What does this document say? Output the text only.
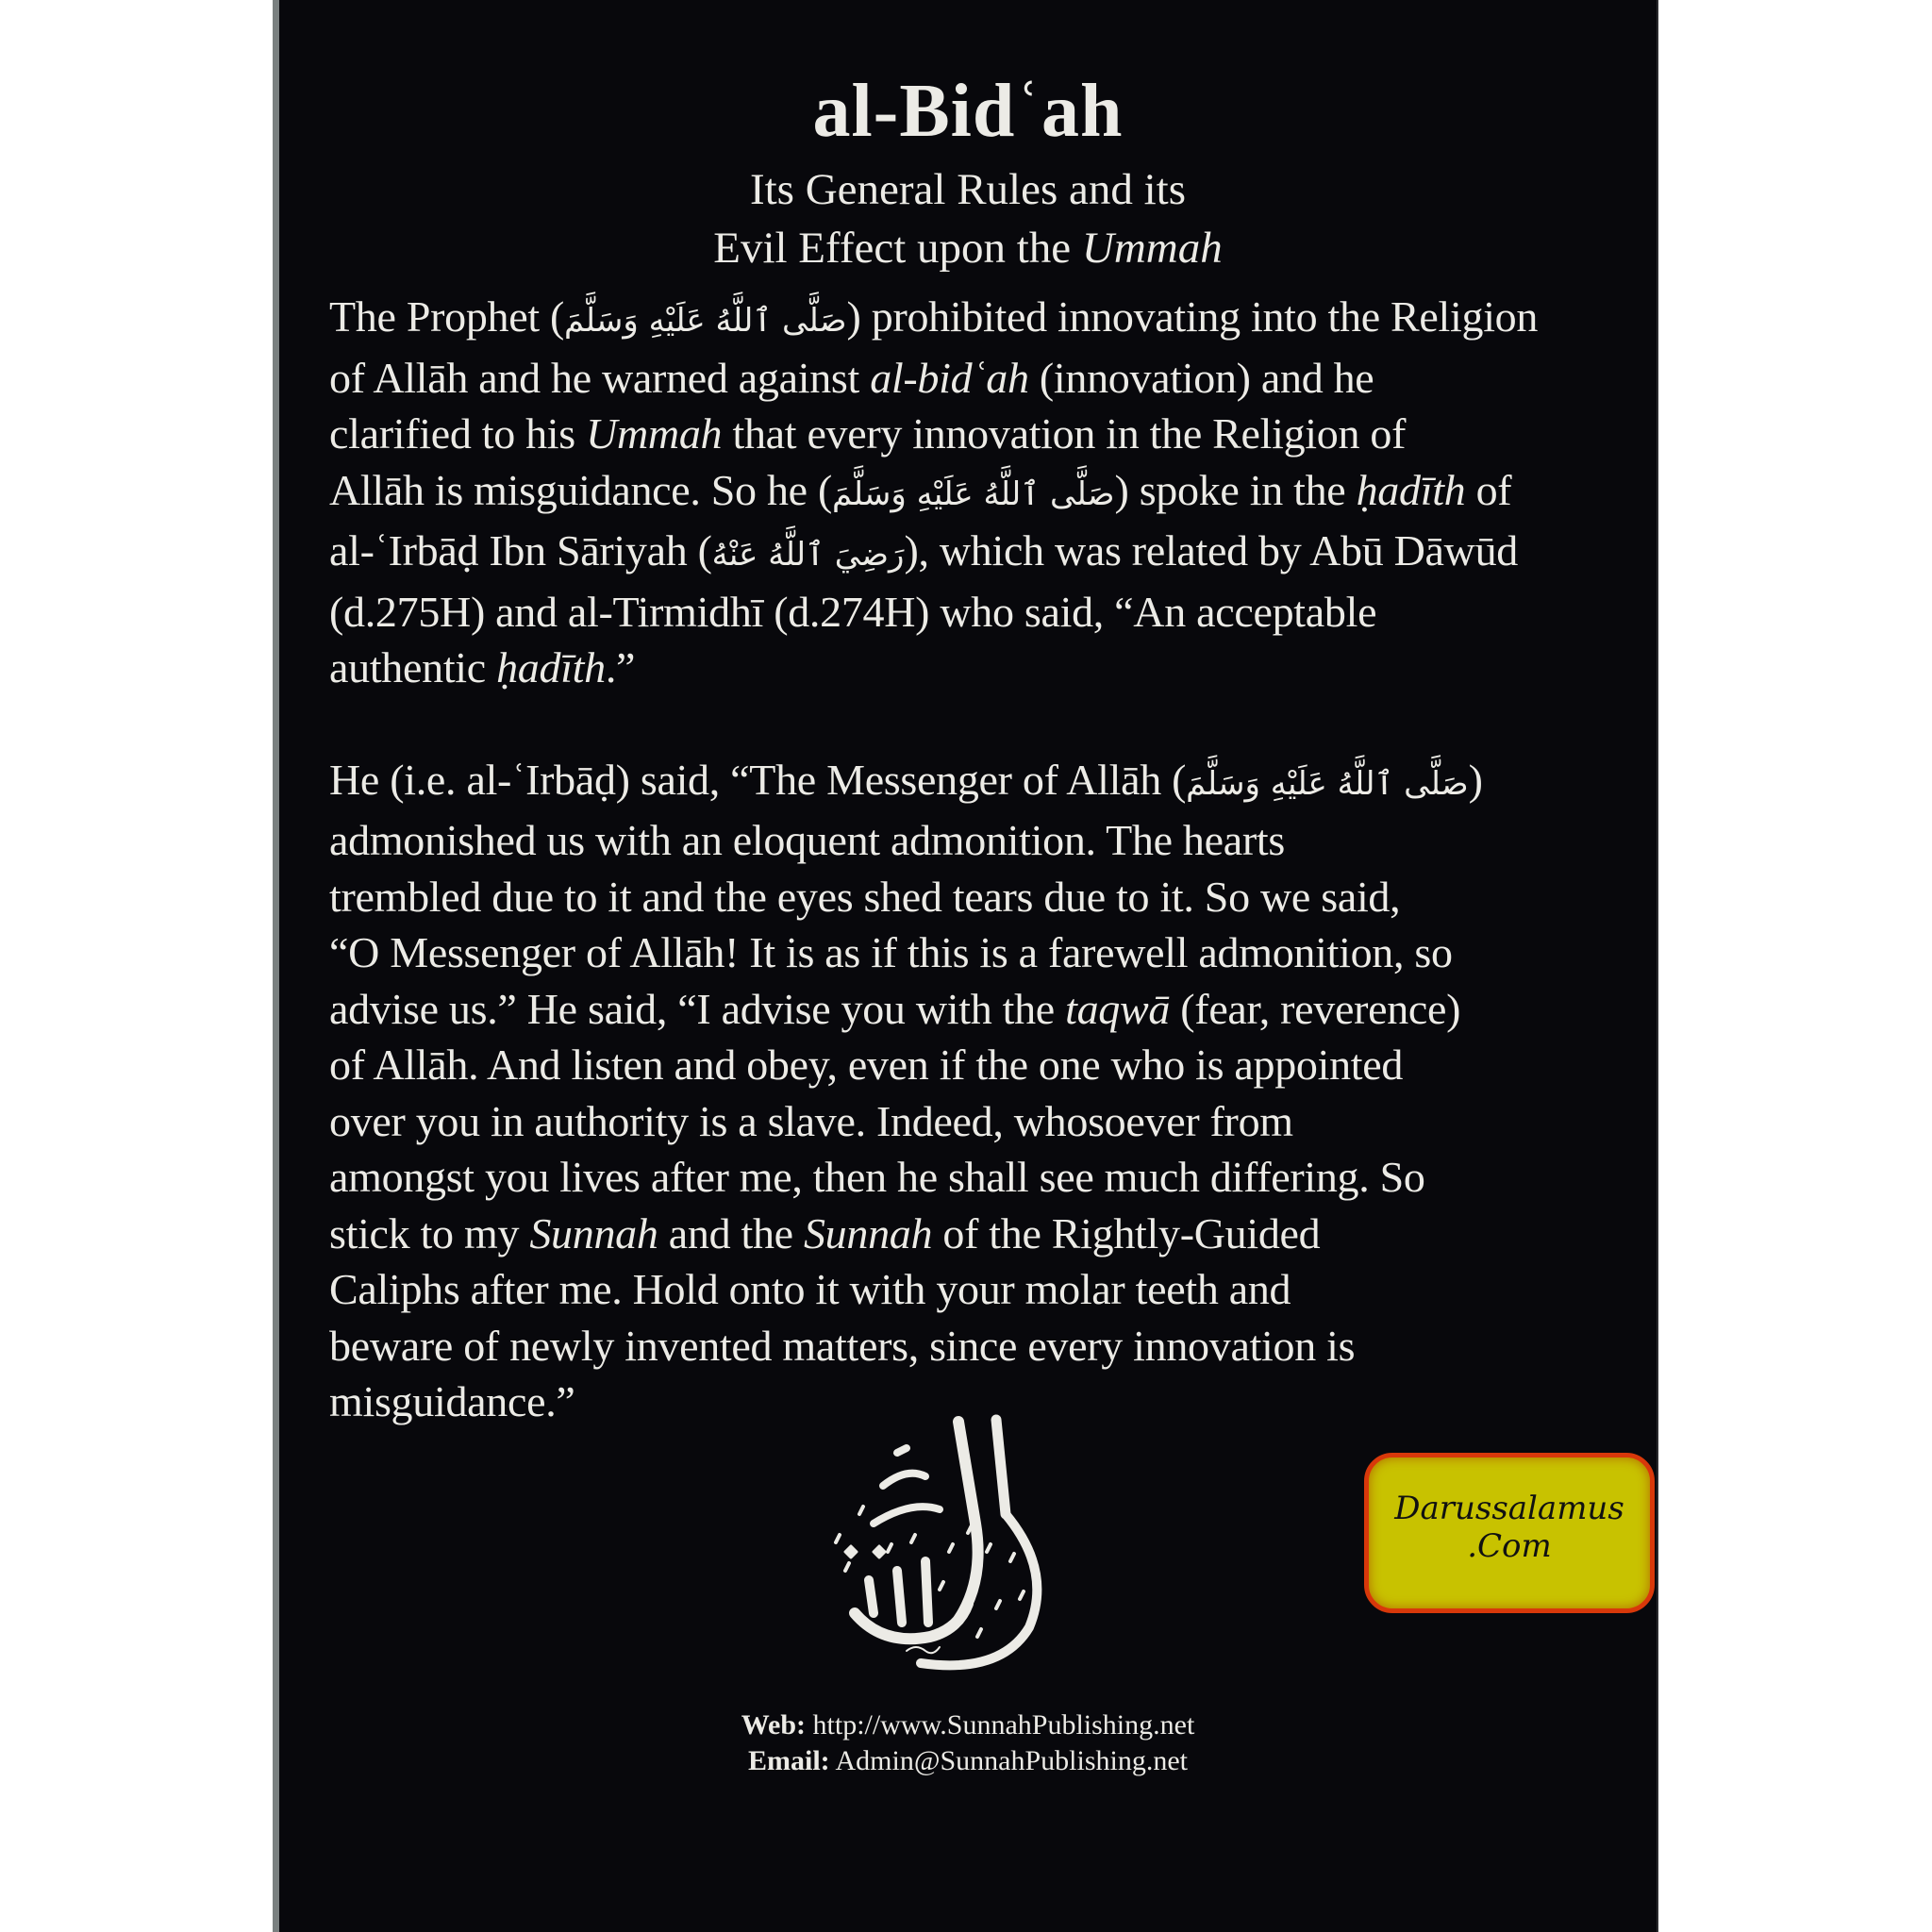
al-Bidʿah
Its General Rules and its
Evil Effect upon the Ummah

The Prophet (صَلَّى ٱللَّهُ عَلَيْهِ وَسَلَّمَ) prohibited innovating into the Religion
of Allāh and he warned against al-bidʿah (innovation) and he
clarified to his Ummah that every innovation in the Religion of
Allāh is misguidance. So he (صَلَّى ٱللَّهُ عَلَيْهِ وَسَلَّمَ) spoke in the ḥadīth of
al-ʿIrbāḍ Ibn Sāriyah (رَضِيَ ٱللَّهُ عَنْهُ), which was related by Abū Dāwūd
(d.275H) and al-Tirmidhī (d.274H) who said, “An acceptable
authentic ḥadīth.”

He (i.e. al-ʿIrbāḍ) said, “The Messenger of Allāh (صَلَّى ٱللَّهُ عَلَيْهِ وَسَلَّمَ)
admonished us with an eloquent admonition. The hearts
trembled due to it and the eyes shed tears due to it. So we said,
“O Messenger of Allāh! It is as if this is a farewell admonition, so
advise us.” He said, “I advise you with the taqwā (fear, reverence)
of Allāh. And listen and obey, even if the one who is appointed
over you in authority is a slave. Indeed, whosoever from
amongst you lives after me, then he shall see much differing. So
stick to my Sunnah and the Sunnah of the Rightly-Guided
Caliphs after me. Hold onto it with your molar teeth and
beware of newly invented matters, since every innovation is
misguidance.”

Web: http://www.SunnahPublishing.net
Email: Admin@SunnahPublishing.net
Darussalamus
.Com
